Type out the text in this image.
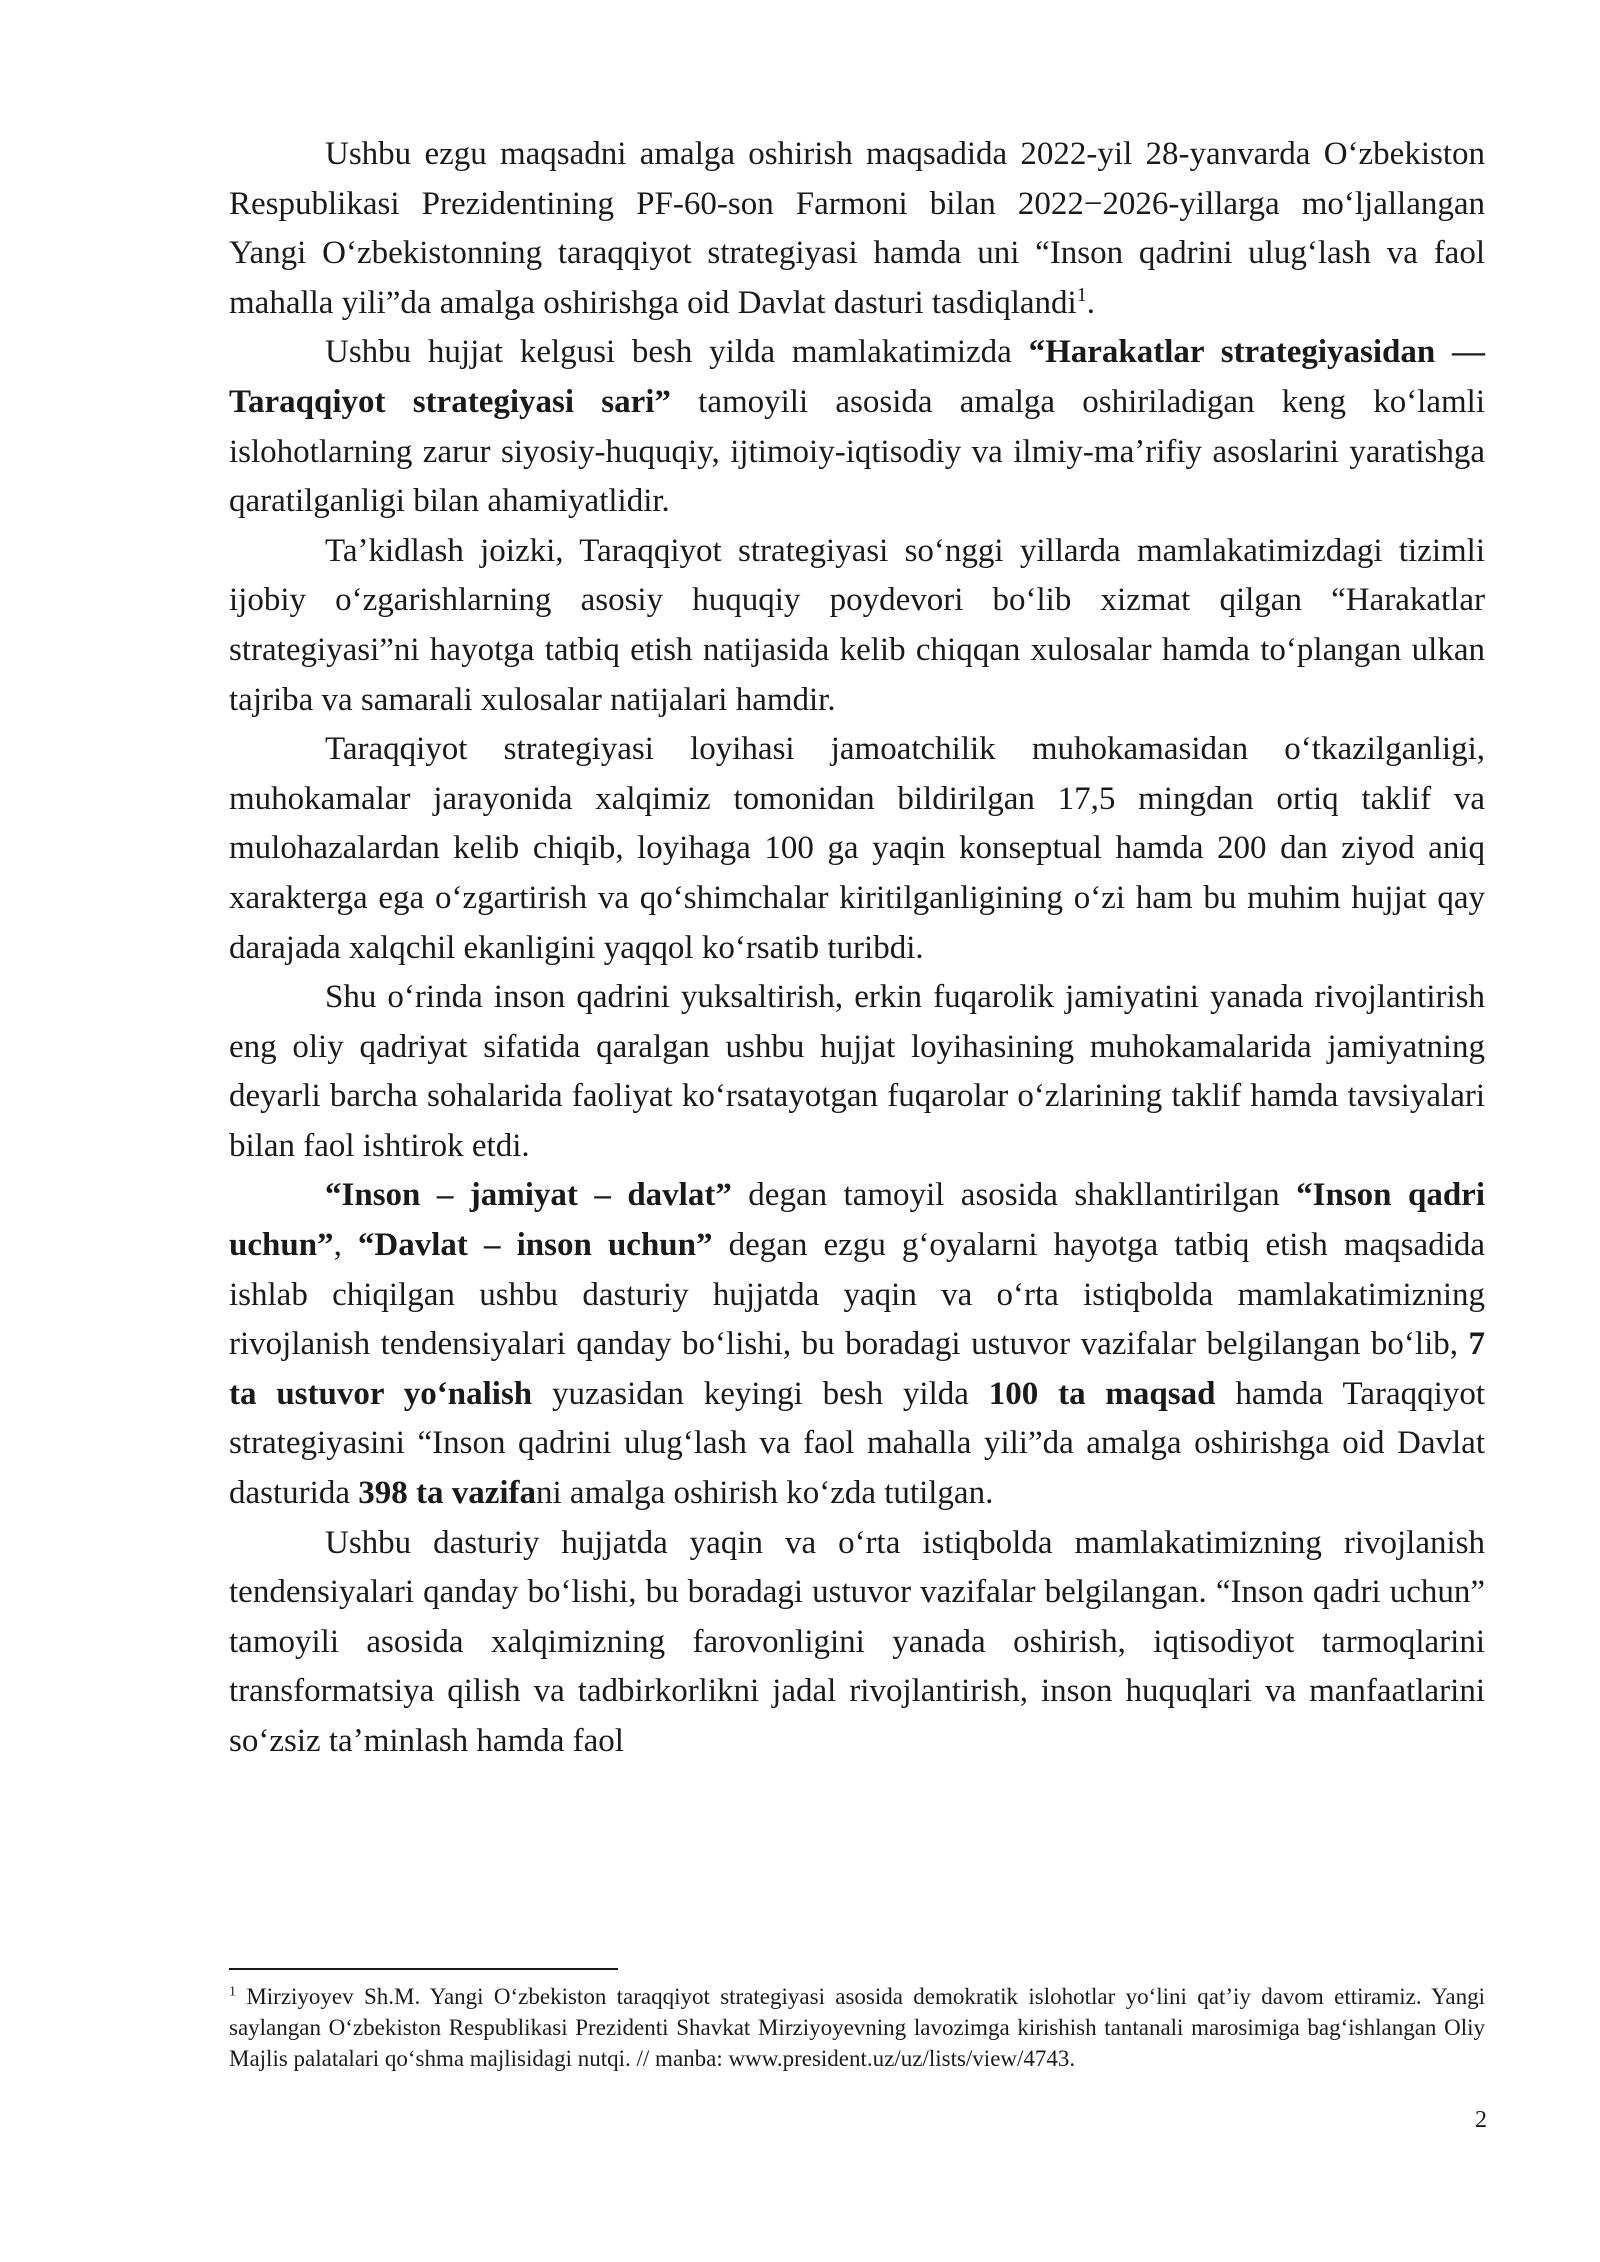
Ushbu ezgu maqsadni amalga oshirish maqsadida 2022-yil 28-yanvarda Oʻzbekiston Respublikasi Prezidentining PF-60-son Farmoni bilan 2022−2026-yillarga moʻljallangan Yangi Oʻzbekistonning taraqqiyot strategiyasi hamda uni “Inson qadrini ulugʻlash va faol mahalla yili”da amalga oshirishga oid Davlat dasturi tasdiqlandi$^1$.

Ushbu hujjat kelgusi besh yilda mamlakatimizda “Harakatlar strategiyasidan — Taraqqiyot strategiyasi sari” tamoyili asosida amalga oshiriladigan keng koʻlamli islohotlarning zarur siyosiy-huquqiy, ijtimoiy-iqtisodiy va ilmiy-maʼrifiy asoslarini yaratishga qaratilganligi bilan ahamiyatlidir.

Taʼkidlash joizki, Taraqqiyot strategiyasi soʻnggi yillarda mamlakatimizdagi tizimli ijobiy oʻzgarishlarning asosiy huquqiy poydevori boʻlib xizmat qilgan “Harakatlar strategiyasi”ni hayotga tatbiq etish natijasida kelib chiqqan xulosalar hamda toʻplangan ulkan tajriba va samarali xulosalar natijalari hamdir.

Taraqqiyot strategiyasi loyihasi jamoatchilik muhokamasidan oʻtkazilganligi, muhokamalar jarayonida xalqimiz tomonidan bildirilgan 17,5 mingdan ortiq taklif va mulohazalardan kelib chiqib, loyihaga 100 ga yaqin konseptual hamda 200 dan ziyod aniq xarakterga ega oʻzgartirish va qoʻshimchalar kiritilganligining oʻzi ham bu muhim hujjat qay darajada xalqchil ekanligini yaqqol koʻrsatib turibdi.

Shu oʻrinda inson qadrini yuksaltirish, erkin fuqarolik jamiyatini yanada rivojlantirish eng oliy qadriyat sifatida qaralgan ushbu hujjat loyihasining muhokamalarida jamiyatning deyarli barcha sohalarida faoliyat koʻrsatayotgan fuqarolar oʻzlarining taklif hamda tavsiyalari bilan faol ishtirok etdi.

“Inson – jamiyat – davlat” degan tamoyil asosida shakllantirilgan “Inson qadri uchun”, “Davlat – inson uchun” degan ezgu gʻoyalarni hayotga tatbiq etish maqsadida ishlab chiqilgan ushbu dasturiy hujjatda yaqin va oʻrta istiqbolda mamlakatimizning rivojlanish tendensiyalari qanday boʻlishi, bu boradagi ustuvor vazifalar belgilangan boʻlib, 7 ta ustuvor yoʻnalish yuzasidan keyingi besh yilda 100 ta maqsad hamda Taraqqiyot strategiyasini “Inson qadrini ulugʻlash va faol mahalla yili”da amalga oshirishga oid Davlat dasturida 398 ta vazifani amalga oshirish koʻzda tutilgan.

Ushbu dasturiy hujjatda yaqin va oʻrta istiqbolda mamlakatimizning rivojlanish tendensiyalari qanday boʻlishi, bu boradagi ustuvor vazifalar belgilangan. “Inson qadri uchun” tamoyili asosida xalqimizning farovonligini yanada oshirish, iqtisodiyot tarmoqlarini transformatsiya qilish va tadbirkorlikni jadal rivojlantirish, inson huquqlari va manfaatlarini soʻzsiz taʼminlash hamda faol

$^1$ Mirziyoyev Sh.M. Yangi Oʻzbekiston taraqqiyot strategiyasi asosida demokratik islohotlar yoʻlini qatʼiy davom ettiramiz. Yangi saylangan Oʻzbekiston Respublikasi Prezidenti Shavkat Mirziyoyevning lavozimga kirishish tantanali marosimiga bagʻishlangan Oliy Majlis palatalari qoʻshma majlisidagi nutqi. // manba: www.president.uz/uz/lists/view/4743.

2
